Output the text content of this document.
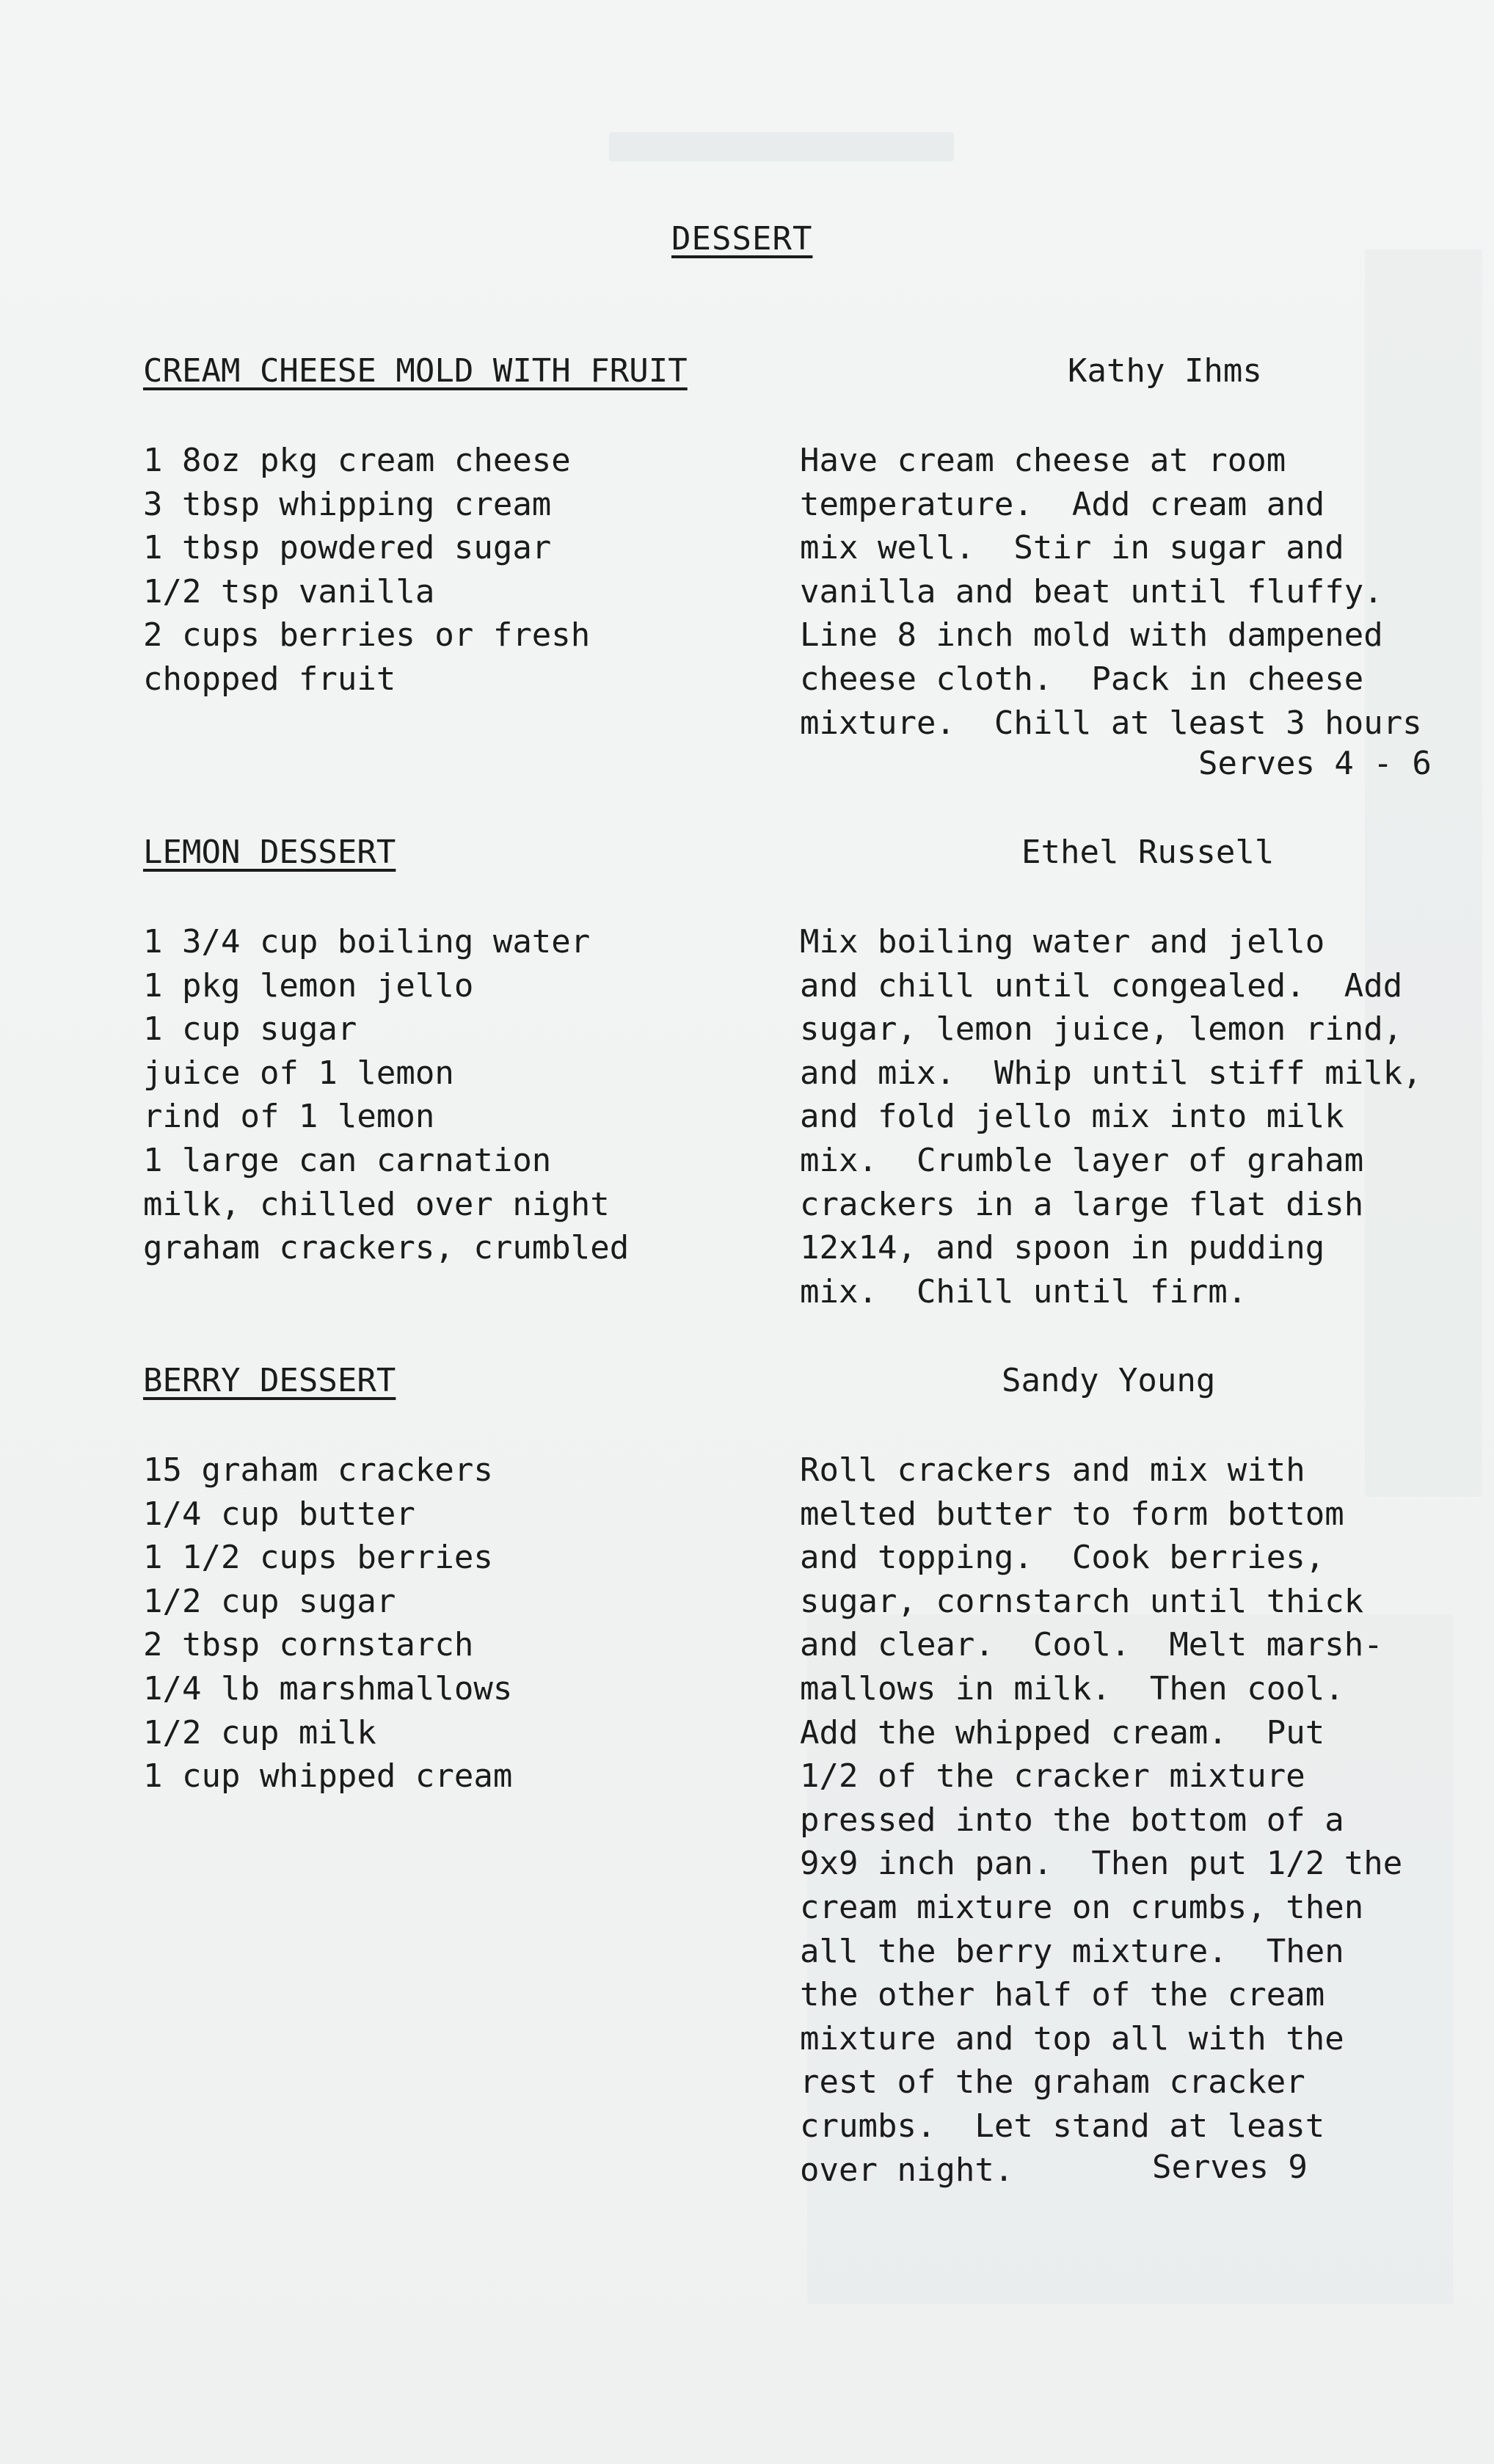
DESSERT
CREAM CHEESE MOLD WITH FRUIT	Kathy Ihms
1 8oz pkg cream cheese
3 tbsp whipping cream
1 tbsp powdered sugar
1/2 tsp vanilla
2 cups berries or fresh
chopped fruit
Have cream cheese at room
temperature.  Add cream and
mix well.  Stir in sugar and
vanilla and beat until fluffy.
Line 8 inch mold with dampened
cheese cloth.  Pack in cheese
mixture.  Chill at least 3 hours
Serves 4 - 6
LEMON DESSERT	Ethel Russell
1 3/4 cup boiling water
1 pkg lemon jello
1 cup sugar
juice of 1 lemon
rind of 1 lemon
1 large can carnation
milk, chilled over night
graham crackers, crumbled
Mix boiling water and jello
and chill until congealed.  Add
sugar, lemon juice, lemon rind,
and mix.  Whip until stiff milk,
and fold jello mix into milk
mix.  Crumble layer of graham
crackers in a large flat dish
12x14, and spoon in pudding
mix.  Chill until firm.
BERRY DESSERT	Sandy Young
15 graham crackers
1/4 cup butter
1 1/2 cups berries
1/2 cup sugar
2 tbsp cornstarch
1/4 lb marshmallows
1/2 cup milk
1 cup whipped cream
Roll crackers and mix with
melted butter to form bottom
and topping.  Cook berries,
sugar, cornstarch until thick
and clear.  Cool.  Melt marsh-
mallows in milk.  Then cool.
Add the whipped cream.  Put
1/2 of the cracker mixture
pressed into the bottom of a
9x9 inch pan.  Then put 1/2 the
cream mixture on crumbs, then
all the berry mixture.  Then
the other half of the cream
mixture and top all with the
rest of the graham cracker
crumbs.  Let stand at least
over night.	Serves 9
